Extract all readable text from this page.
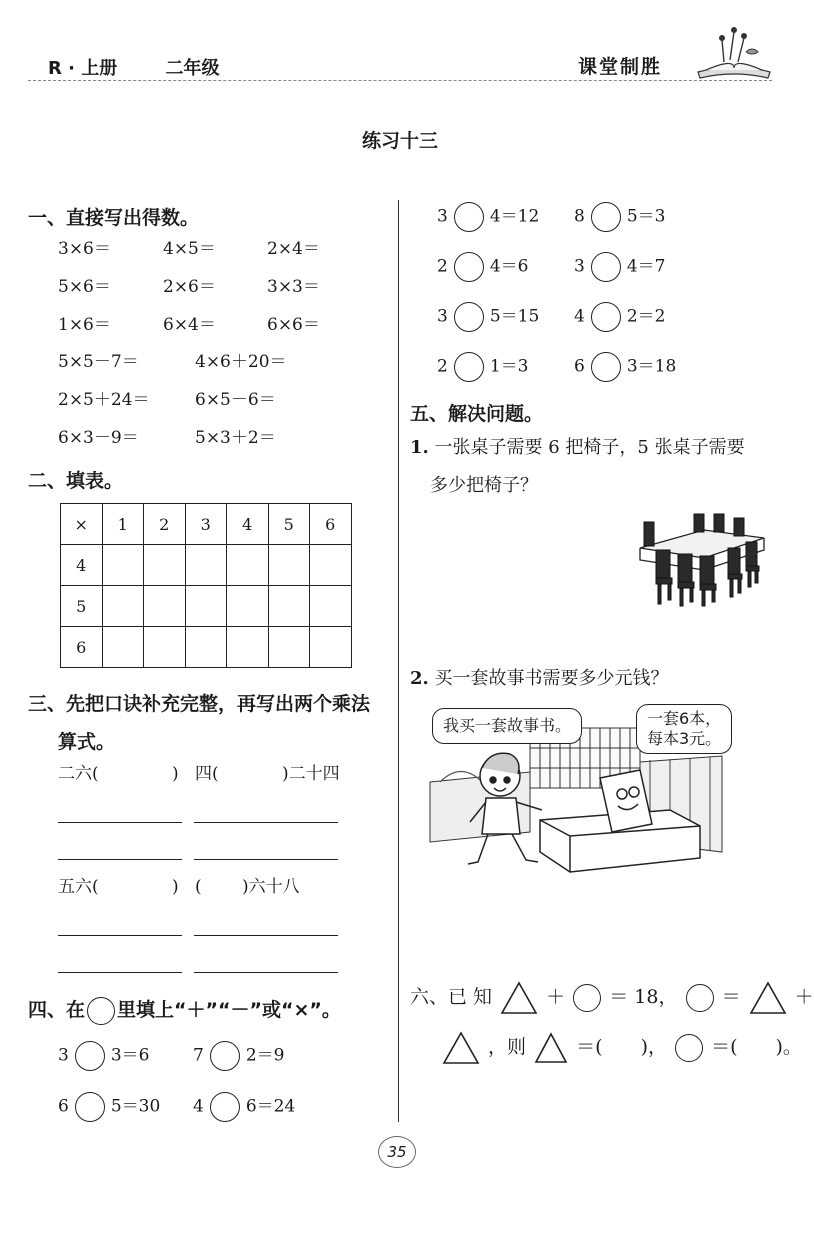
R · 上册	二年级	课堂制胜
练习十三
一、直接写出得数。
3×6＝	4×5＝	2×4＝
5×6＝	2×6＝	3×3＝
1×6＝	6×4＝	6×6＝
5×5－7＝	4×6＋20＝
2×5＋24＝	6×5－6＝
6×3－9＝	5×3＋2＝
二、填表。
×	1	2	3	4	5	6
4						
5						
6						
三、先把口诀补充完整，再写出两个乘法
算式。
二六(	) 四(	)二十四
五六(	) ( )六十八
四、在 里填上“＋”“－”或“×”。
3 3＝6	7 2＝9
6 5＝30 4 6＝24
3 4＝12 8 5＝3
2 4＝6	3 4＝7
3 5＝15 4 2＝2
2 1＝3	6 3＝18
五、解决问题。
1. 一张桌子需要 6 把椅子，5 张桌子需要
多少把椅子？
2. 买一套故事书需要多少元钱？
我买一套故事书。	一套6本，
每本3元。
六、已 知	＋ ＝ 18， ＝	＋
，则	＝(　　)， ＝(　　)。
35
